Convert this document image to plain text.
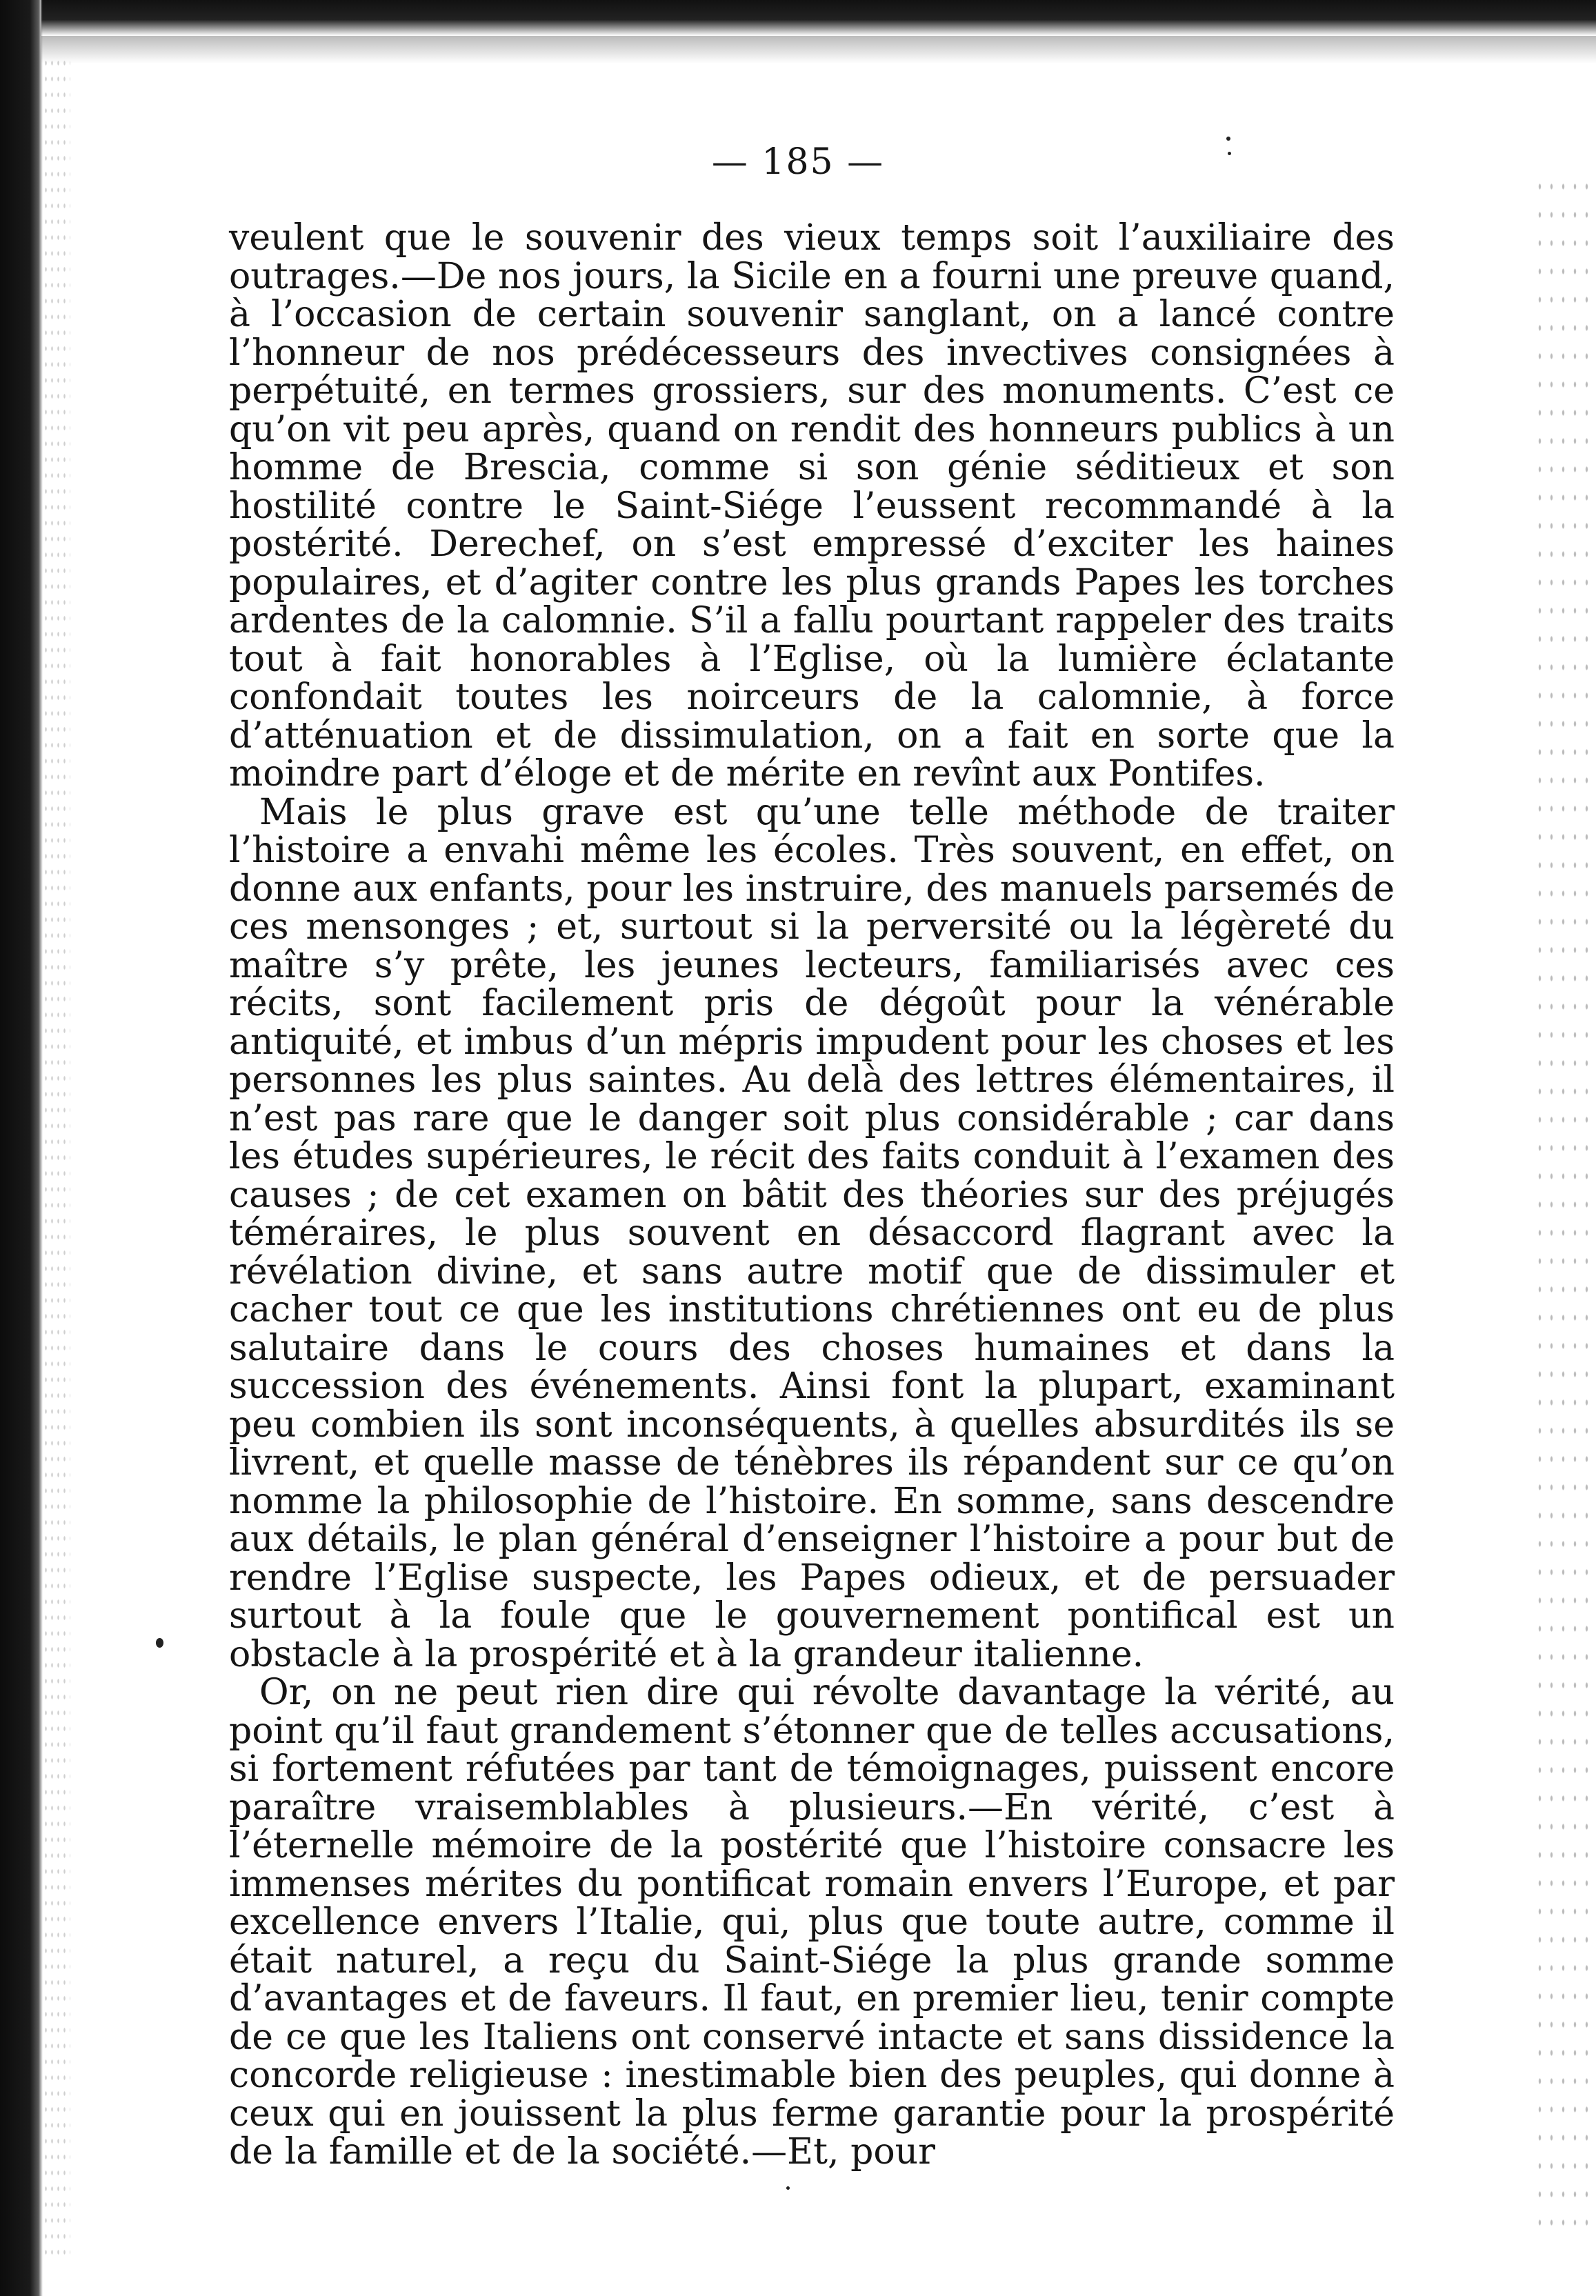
— 185 —

veulent que le souvenir des vieux temps soit l’auxiliaire des outrages.—De nos jours, la Sicile en a fourni une preuve quand, à l’occasion de certain souvenir sanglant, on a lancé contre l’honneur de nos prédécesseurs des invectives consignées à perpétuité, en termes grossiers, sur des monuments. C’est ce qu’on vit peu après, quand on rendit des honneurs publics à un homme de Brescia, comme si son génie séditieux et son hostilité contre le Saint-Siége l’eussent recommandé à la postérité. Derechef, on s’est empressé d’exciter les haines populaires, et d’agiter contre les plus grands Papes les torches ardentes de la calomnie. S’il a fallu pourtant rappeler des traits tout à fait honorables à l’Eglise, où la lumière éclatante confondait toutes les noirceurs de la calomnie, à force d’atténuation et de dissimulation, on a fait en sorte que la moindre part d’éloge et de mérite en revînt aux Pontifes.

Mais le plus grave est qu’une telle méthode de traiter l’histoire a envahi même les écoles. Très souvent, en effet, on donne aux enfants, pour les instruire, des manuels parsemés de ces mensonges ; et, surtout si la perversité ou la légèreté du maître s’y prête, les jeunes lecteurs, familiarisés avec ces récits, sont facilement pris de dégoût pour la vénérable antiquité, et imbus d’un mépris impudent pour les choses et les personnes les plus saintes. Au delà des lettres élémentaires, il n’est pas rare que le danger soit plus considérable ; car dans les études supérieures, le récit des faits conduit à l’examen des causes ; de cet examen on bâtit des théories sur des préjugés téméraires, le plus souvent en désaccord flagrant avec la révélation divine, et sans autre motif que de dissimuler et cacher tout ce que les institutions chrétiennes ont eu de plus salutaire dans le cours des choses humaines et dans la succession des événements. Ainsi font la plupart, examinant peu combien ils sont inconséquents, à quelles absurdités ils se livrent, et quelle masse de ténèbres ils répandent sur ce qu’on nomme la philosophie de l’histoire. En somme, sans descendre aux détails, le plan général d’enseigner l’histoire a pour but de rendre l’Eglise suspecte, les Papes odieux, et de persuader surtout à la foule que le gouvernement pontifical est un obstacle à la prospérité et à la grandeur italienne.

Or, on ne peut rien dire qui révolte davantage la vérité, au point qu’il faut grandement s’étonner que de telles accusations, si fortement réfutées par tant de témoignages, puissent encore paraître vraisemblables à plusieurs.—En vérité, c’est à l’éternelle mémoire de la postérité que l’histoire consacre les immenses mérites du pontificat romain envers l’Europe, et par excellence envers l’Italie, qui, plus que toute autre, comme il était naturel, a reçu du Saint-Siége la plus grande somme d’avantages et de faveurs. Il faut, en premier lieu, tenir compte de ce que les Italiens ont conservé intacte et sans dissidence la concorde religieuse : inestimable bien des peuples, qui donne à ceux qui en jouissent la plus ferme garantie pour la prospérité de la famille et de la société.—Et, pour
